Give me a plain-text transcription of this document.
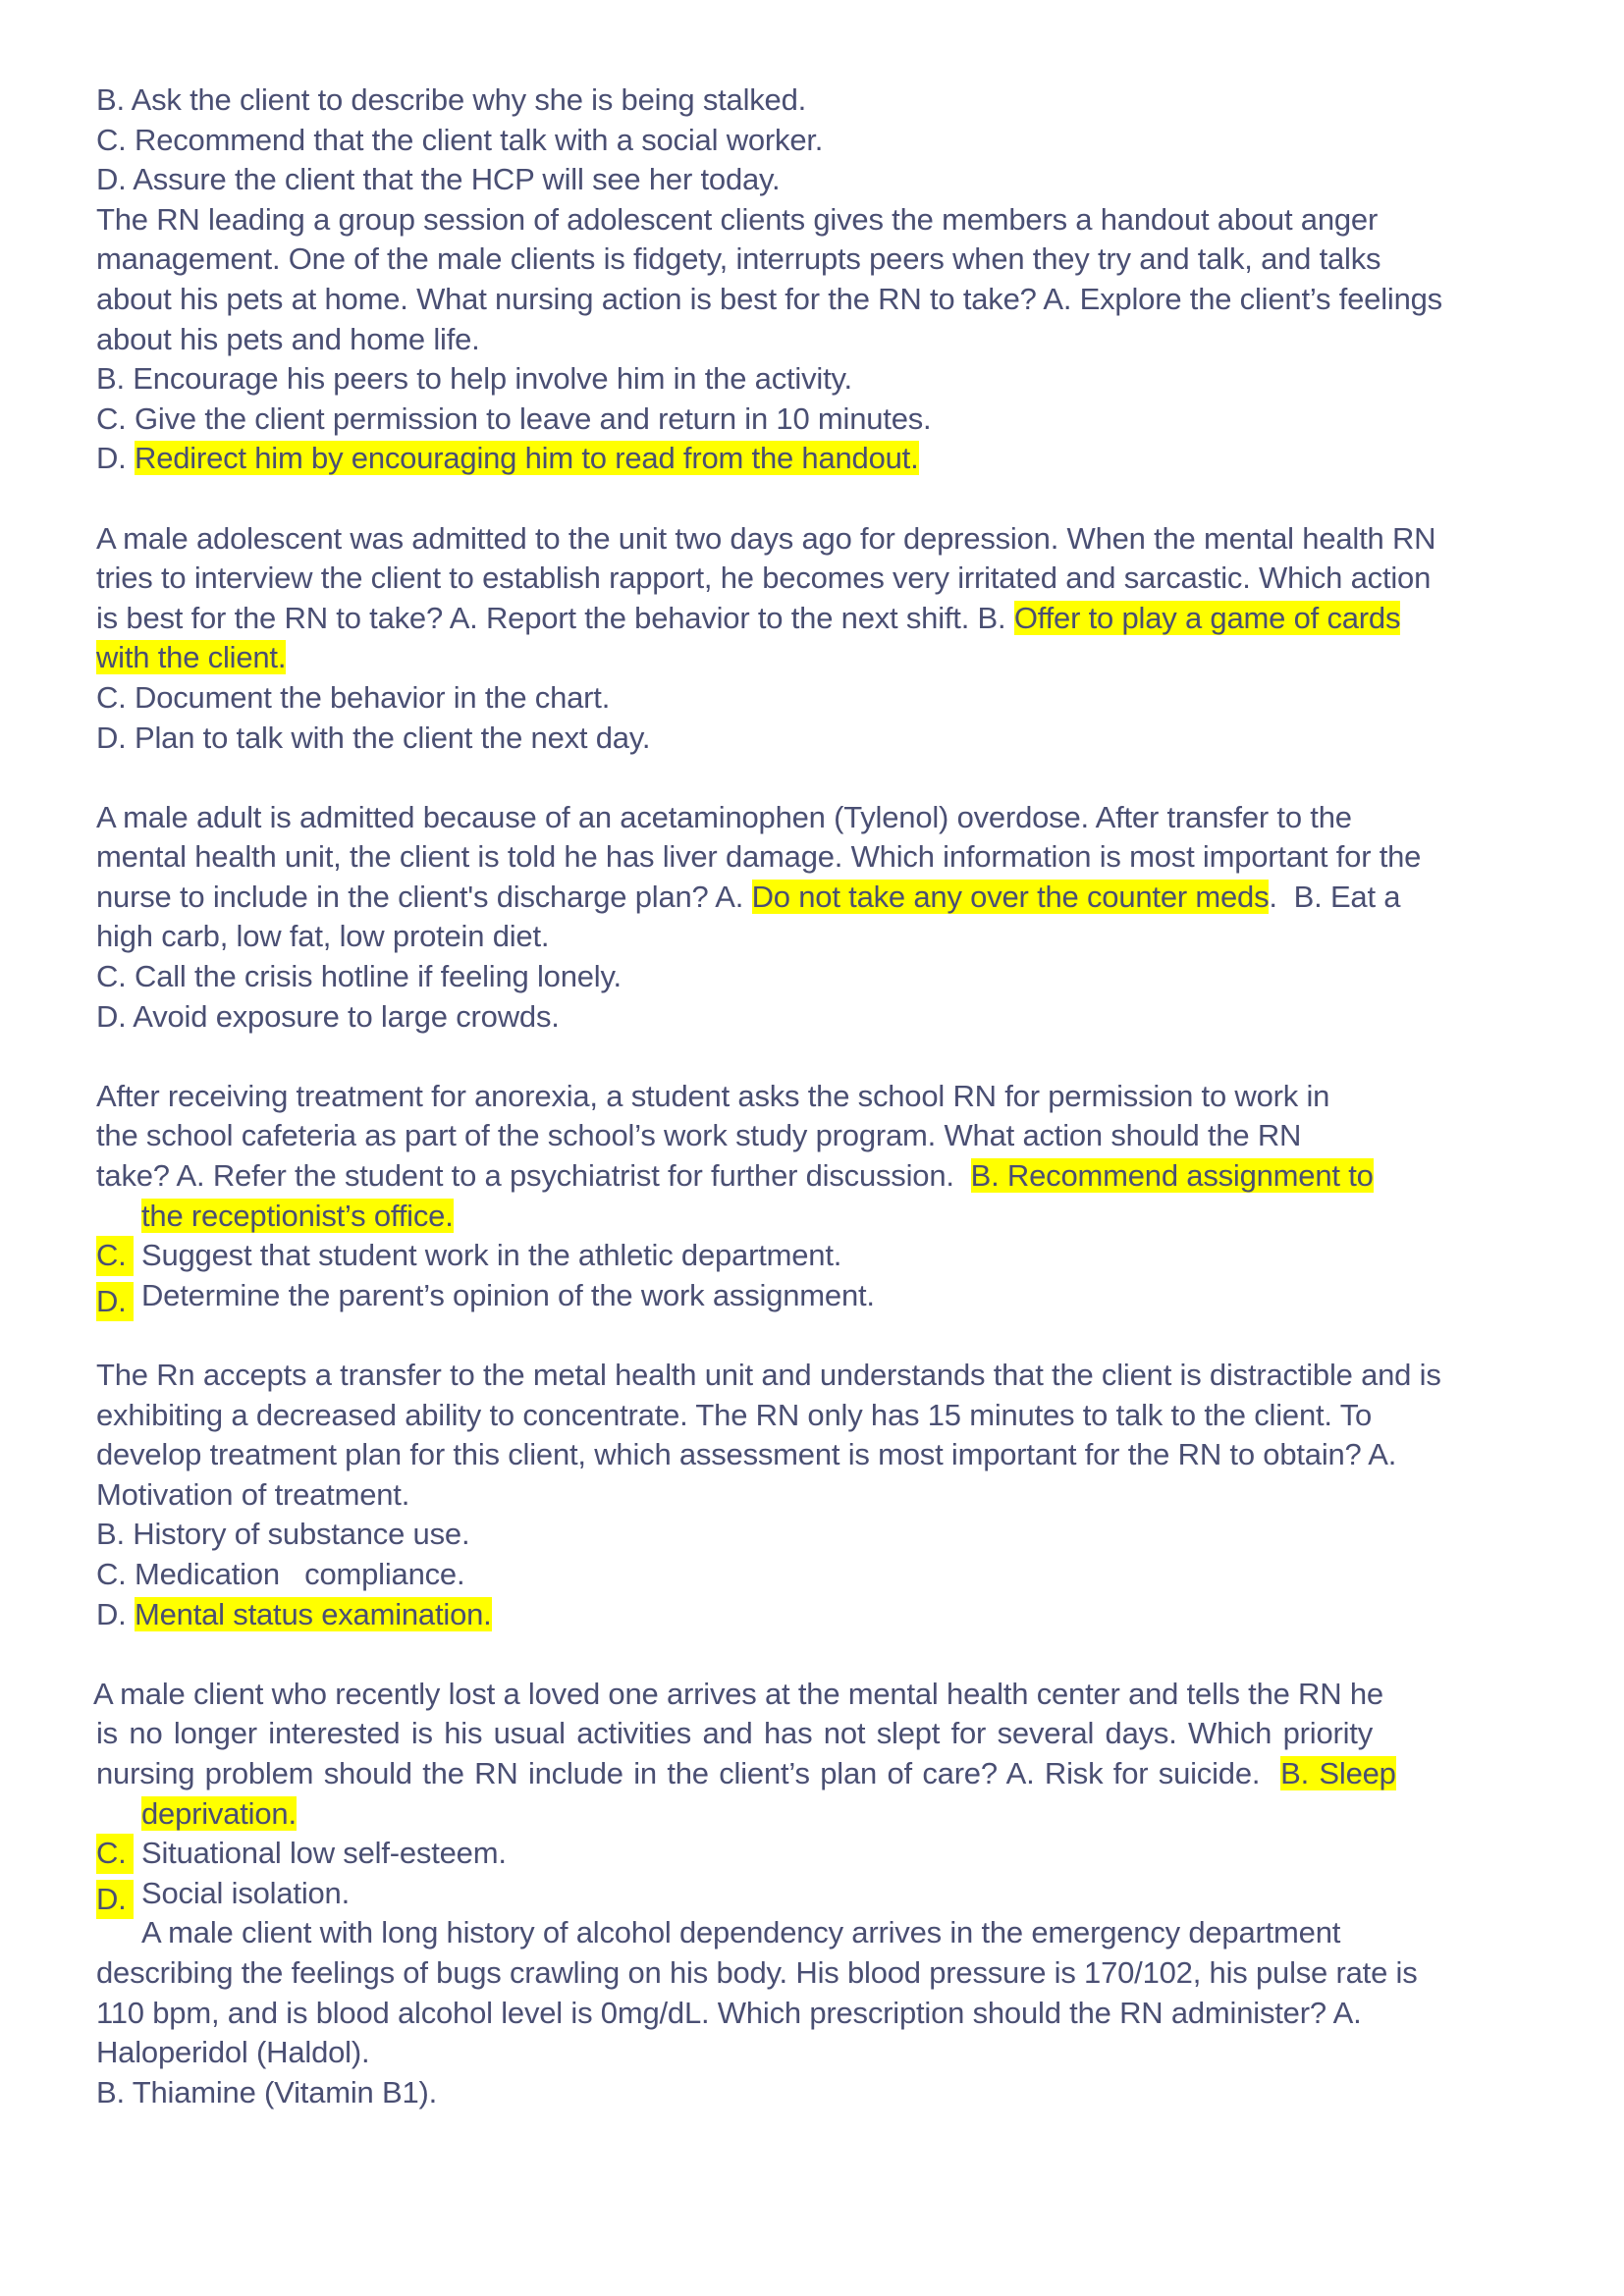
B. Ask the client to describe why she is being stalked.
C. Recommend that the client talk with a social worker.
D. Assure the client that the HCP will see her today.
The RN leading a group session of adolescent clients gives the members a handout about anger
management. One of the male clients is fidgety, interrupts peers when they try and talk, and talks
about his pets at home. What nursing action is best for the RN to take? A. Explore the client’s feelings
about his pets and home life.
B. Encourage his peers to help involve him in the activity.
C. Give the client permission to leave and return in 10 minutes.
D. Redirect him by encouraging him to read from the handout.
A male adolescent was admitted to the unit two days ago for depression. When the mental health RN
tries to interview the client to establish rapport, he becomes very irritated and sarcastic. Which action
is best for the RN to take? A. Report the behavior to the next shift. B. Offer to play a game of cards
with the client.
C. Document the behavior in the chart.
D. Plan to talk with the client the next day.
A male adult is admitted because of an acetaminophen (Tylenol) overdose. After transfer to the
mental health unit, the client is told he has liver damage. Which information is most important for the
nurse to include in the client's discharge plan? A. Do not take any over the counter meds.  B. Eat a
high carb, low fat, low protein diet.
C. Call the crisis hotline if feeling lonely.
D. Avoid exposure to large crowds.
After receiving treatment for anorexia, a student asks the school RN for permission to work in
the school cafeteria as part of the school’s work study program. What action should the RN
take? A. Refer the student to a psychiatrist for further discussion.  B. Recommend assignment to
the receptionist’s office.
C. Suggest that student work in the athletic department.
D. Determine the parent’s opinion of the work assignment.
The Rn accepts a transfer to the metal health unit and understands that the client is distractible and is
exhibiting a decreased ability to concentrate. The RN only has 15 minutes to talk to the client. To
develop treatment plan for this client, which assessment is most important for the RN to obtain? A.
Motivation of treatment.
B. History of substance use.
C. Medication   compliance.
D. Mental status examination.
A male client who recently lost a loved one arrives at the mental health center and tells the RN he
is no longer interested is his usual activities and has not slept for several days. Which priority
nursing problem should the RN include in the client’s plan of care? A. Risk for suicide.  B. Sleep
deprivation.
C. Situational low self-esteem.
D. Social isolation.
A male client with long history of alcohol dependency arrives in the emergency department
describing the feelings of bugs crawling on his body. His blood pressure is 170/102, his pulse rate is
110 bpm, and is blood alcohol level is 0mg/dL. Which prescription should the RN administer? A.
Haloperidol (Haldol).
B. Thiamine (Vitamin B1).
